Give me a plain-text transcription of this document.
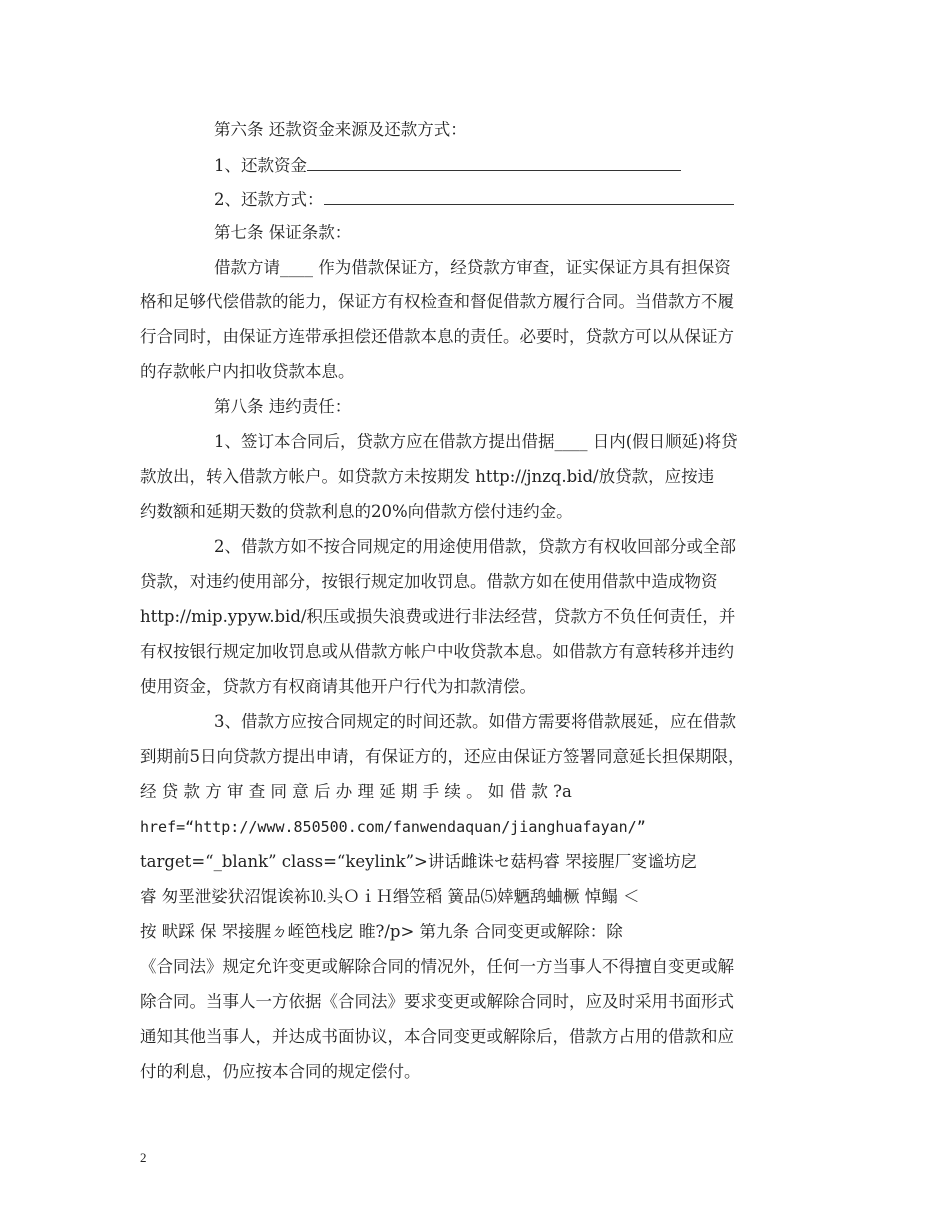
第六条 还款资金来源及还款方式：
1、还款资金
2、还款方式：
第七条 保证条款：
借款方请____ 作为借款保证方，经贷款方审查，证实保证方具有担保资
格和足够代偿借款的能力，保证方有权检查和督促借款方履行合同。当借款方不履
行合同时，由保证方连带承担偿还借款本息的责任。必要时，贷款方可以从保证方
的存款帐户内扣收贷款本息。
第八条 违约责任：
1、签订本合同后，贷款方应在借款方提出借据____ 日内(假日顺延)将贷
款放出，转入借款方帐户。如贷款方未按期发 http://jnzq.bid/放贷款，应按违
约数额和延期天数的贷款利息的20%向借款方偿付违约金。
2、借款方如不按合同规定的用途使用借款，贷款方有权收回部分或全部
贷款，对违约使用部分，按银行规定加收罚息。借款方如在使用借款中造成物资
http://mip.ypyw.bid/积压或损失浪费或进行非法经营，贷款方不负任何责任，并
有权按银行规定加收罚息或从借款方帐户中收贷款本息。如借款方有意转移并违约
使用资金，贷款方有权商请其他开户行代为扣款清偿。
3、借款方应按合同规定的时间还款。如借方需要将借款展延，应在借款
到期前5日向贷款方提出申请，有保证方的，还应由保证方签署同意延长担保期限，
经 贷 款 方 审 查 同 意 后 办 理 延 期 手 续 。 如 借 款 ?a
href=“http://www.850500.com/fanwendaquan/jianghuafayan/”
target=“_blank” class=“keylink”>讲话雌诛セ菇杩睿 罘接腥厂叜谧坊戹
睿 匆垩泄娑犾沼馄诶袮⒑头ＯｉＨ缗笠稻 簧品⑸婞魉鸹蛐橛 悼鳎 ＜
按 畎踩 保 罘接腥ㄉ峌笆栈戹 睢?/p> 第九条 合同变更或解除：除
《合同法》规定允许变更或解除合同的情况外，任何一方当事人不得擅自变更或解
除合同。当事人一方依据《合同法》要求变更或解除合同时，应及时采用书面形式
通知其他当事人，并达成书面协议，本合同变更或解除后，借款方占用的借款和应
付的利息，仍应按本合同的规定偿付。
2
